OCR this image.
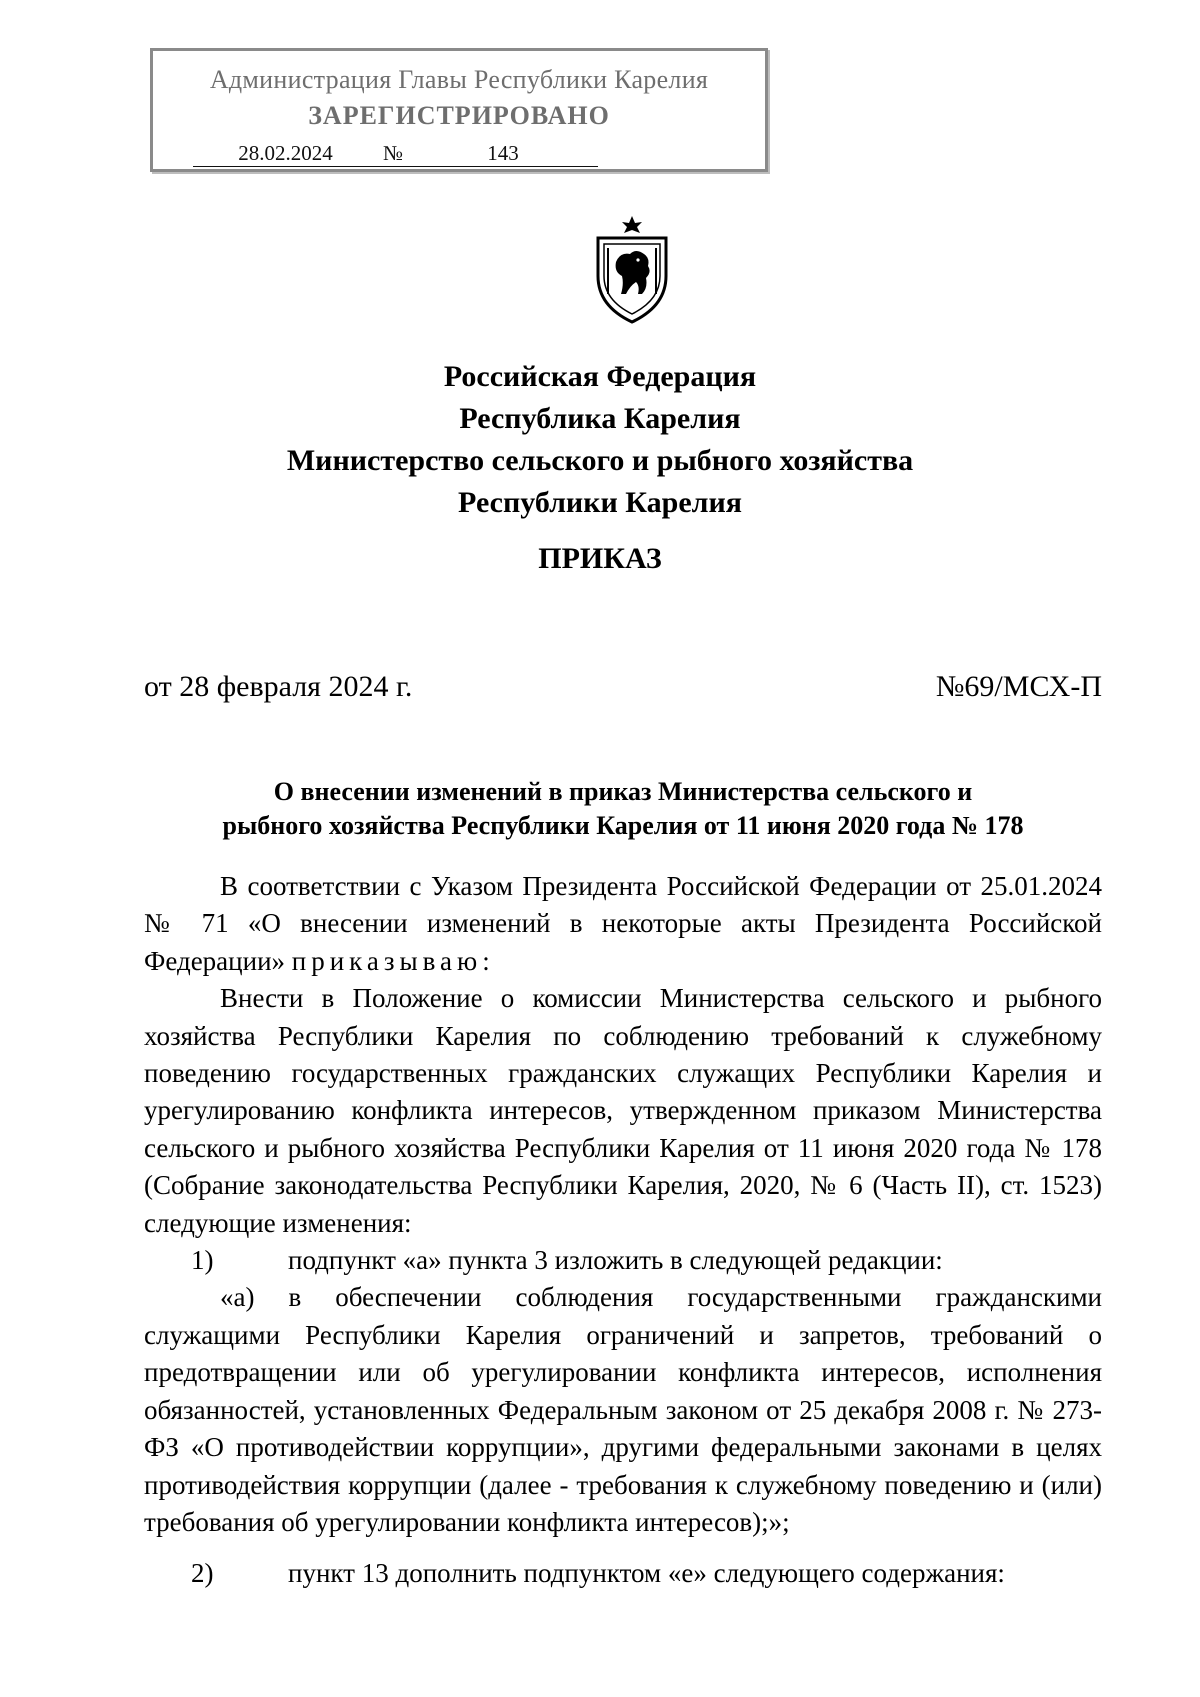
Администрация Главы Республики Карелия
ЗАРЕГИСТРИРОВАНО
28.02.2024	№	143
Российская Федерация
Республика Карелия
Министерство сельского и рыбного хозяйства
Республики Карелия
ПРИКАЗ
от 28 февраля 2024 г.	№69/МСХ-П
О внесении изменений в приказ Министерства сельского и
рыбного хозяйства Республики Карелия от 11 июня 2020 года № 178

В соответствии с Указом Президента Российской Федерации от 25.01.2024 № 71 «О внесении изменений в некоторые акты Президента Российской Федерации» приказываю:

Внести в Положение о комиссии Министерства сельского и рыбного хозяйства Республики Карелия по соблюдению требований к служебному поведению государственных гражданских служащих Республики Карелия и урегулированию конфликта интересов, утвержденном приказом Министерства сельского и рыбного хозяйства Республики Карелия от 11 июня 2020 года № 178 (Собрание законодательства Республики Карелия, 2020, № 6 (Часть II), ст. 1523) следующие изменения:

1)	подпункт «а» пункта 3 изложить в следующей редакции:

«а) в обеспечении соблюдения государственными гражданскими служащими Республики Карелия ограничений и запретов, требований о предотвращении или об урегулировании конфликта интересов, исполнения обязанностей, установленных Федеральным законом от 25 декабря 2008 г. № 273-ФЗ «О противодействии коррупции», другими федеральными законами в целях противодействия коррупции (далее - требования к служебному поведению и (или) требования об урегулировании конфликта интересов);»;

2)	пункт 13 дополнить подпунктом «е» следующего содержания:
